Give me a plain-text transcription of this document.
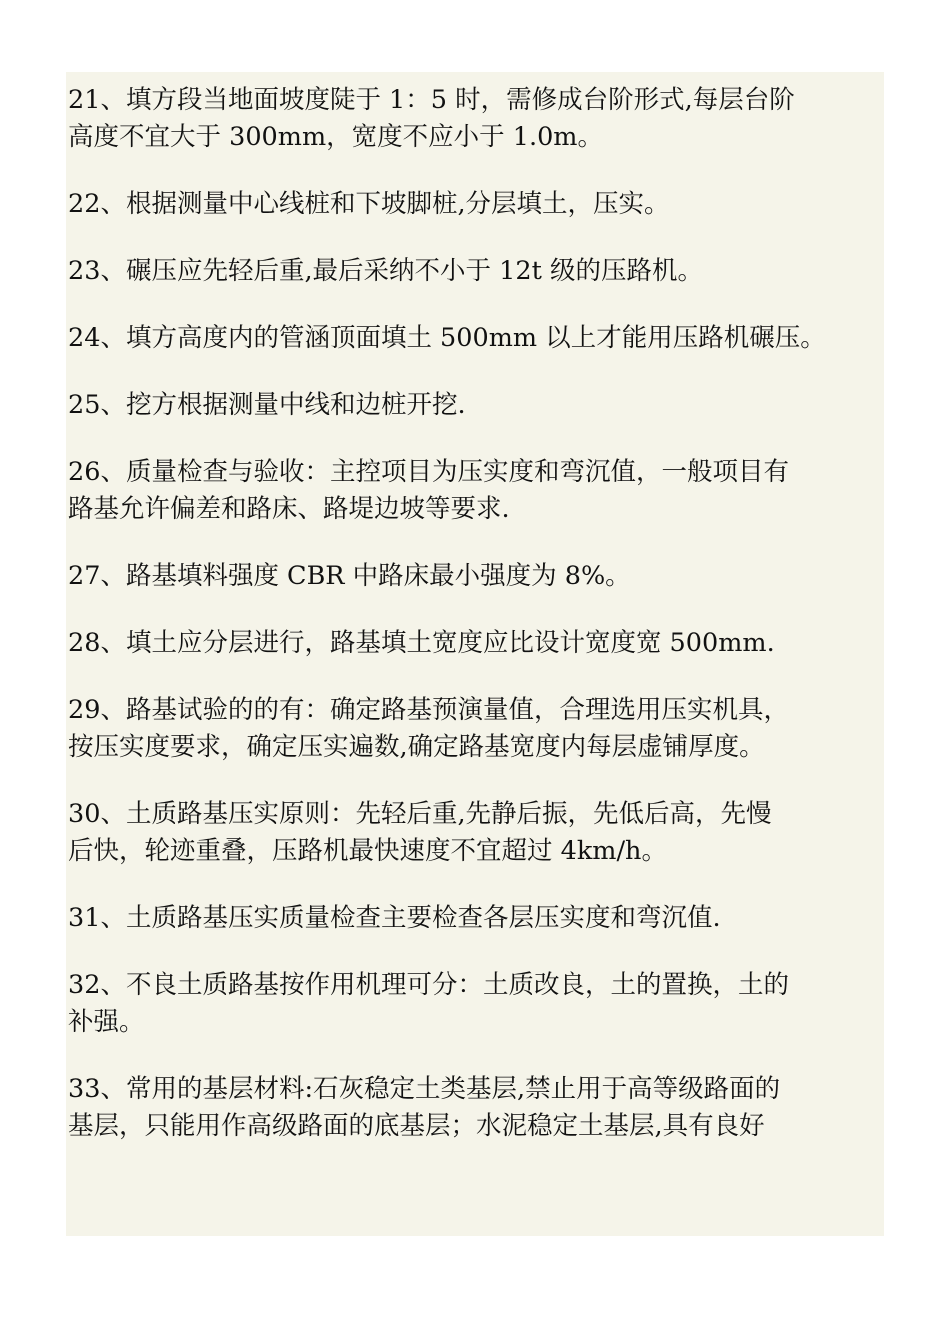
21、填方段当地面坡度陡于 1：5 时，需修成台阶形式,每层台阶
高度不宜大于 300mm，宽度不应小于 1.0m。

22、根据测量中心线桩和下坡脚桩,分层填土，压实。

23、碾压应先轻后重,最后采纳不小于 12t 级的压路机。

24、填方高度内的管涵顶面填土 500mm 以上才能用压路机碾压。

25、挖方根据测量中线和边桩开挖.

26、质量检查与验收：主控项目为压实度和弯沉值，一般项目有
路基允许偏差和路床、路堤边坡等要求.

27、路基填料强度 CBR 中路床最小强度为 8%。

28、填土应分层进行，路基填土宽度应比设计宽度宽 500mm.

29、路基试验的的有：确定路基预演量值，合理选用压实机具，
按压实度要求，确定压实遍数,确定路基宽度内每层虚铺厚度。

30、土质路基压实原则：先轻后重,先静后振，先低后高，先慢
后快，轮迹重叠，压路机最快速度不宜超过 4km/h。

31、土质路基压实质量检查主要检查各层压实度和弯沉值.

32、不良土质路基按作用机理可分：土质改良，土的置换，土的
补强。

33、常用的基层材料:石灰稳定土类基层,禁止用于高等级路面的
基层，只能用作高级路面的底基层；水泥稳定土基层,具有良好
